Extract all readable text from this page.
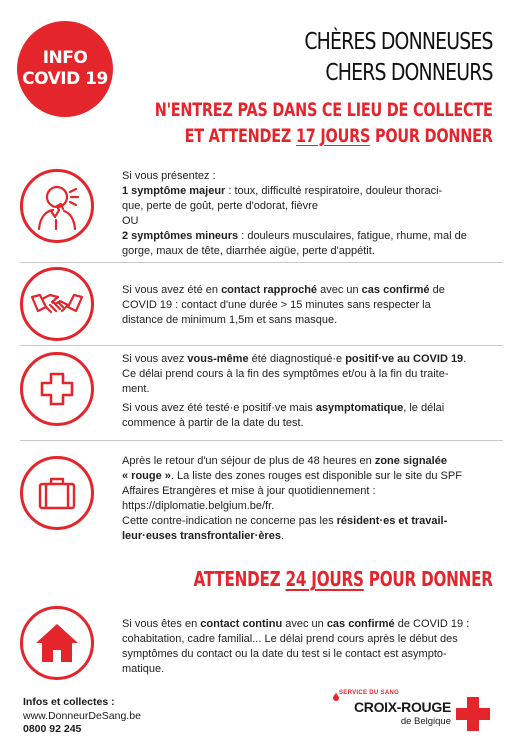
INFO
COVID 19
CHÈRES DONNEUSES
CHERS DONNEURS
N'ENTREZ PAS DANS CE LIEU DE COLLECTE
ET ATTENDEZ 17 JOURS POUR DONNER

Si vous présentez :

1 symptôme majeur : toux, difficulté respiratoire, douleur thoraci-

que, perte de goût, perte d'odorat, fièvre

OU

2 symptômes mineurs : douleurs musculaires, fatigue, rhume, mal de

gorge, maux de tête, diarrhée aigüe, perte d'appétit.

Si vous avez été en contact rapproché avec un cas confirmé de

COVID 19 : contact d'une durée > 15 minutes sans respecter la

distance de minimum 1,5m et sans masque.

Si vous avez vous-même été diagnostiqué·e positif·ve au COVID 19.

Ce délai prend cours à la fin des symptômes et/ou à la fin du traite-

ment.

Si vous avez été testé·e positif·ve mais asymptomatique, le délai

commence à partir de la date du test.

Après le retour d'un séjour de plus de 48 heures en zone signalée

« rouge ». La liste des zones rouges est disponible sur le site du SPF

Affaires Etrangères et mise à jour quotidiennement :

https://diplomatie.belgium.be/fr.

Cette contre-indication ne concerne pas les résident·es et travail-

leur·euses transfrontalier·ères.

ATTENDEZ 24 JOURS POUR DONNER

Si vous êtes en contact continu avec un cas confirmé de COVID 19 :

cohabitation, cadre familial... Le délai prend cours après le début des

symptômes du contact ou la date du test si le contact est asympto-

matique.

Infos et collectes :
www.DonneurDeSang.be
0800 92 245
SERVICE DU SANG
CROIX-ROUGE
de Belgique
